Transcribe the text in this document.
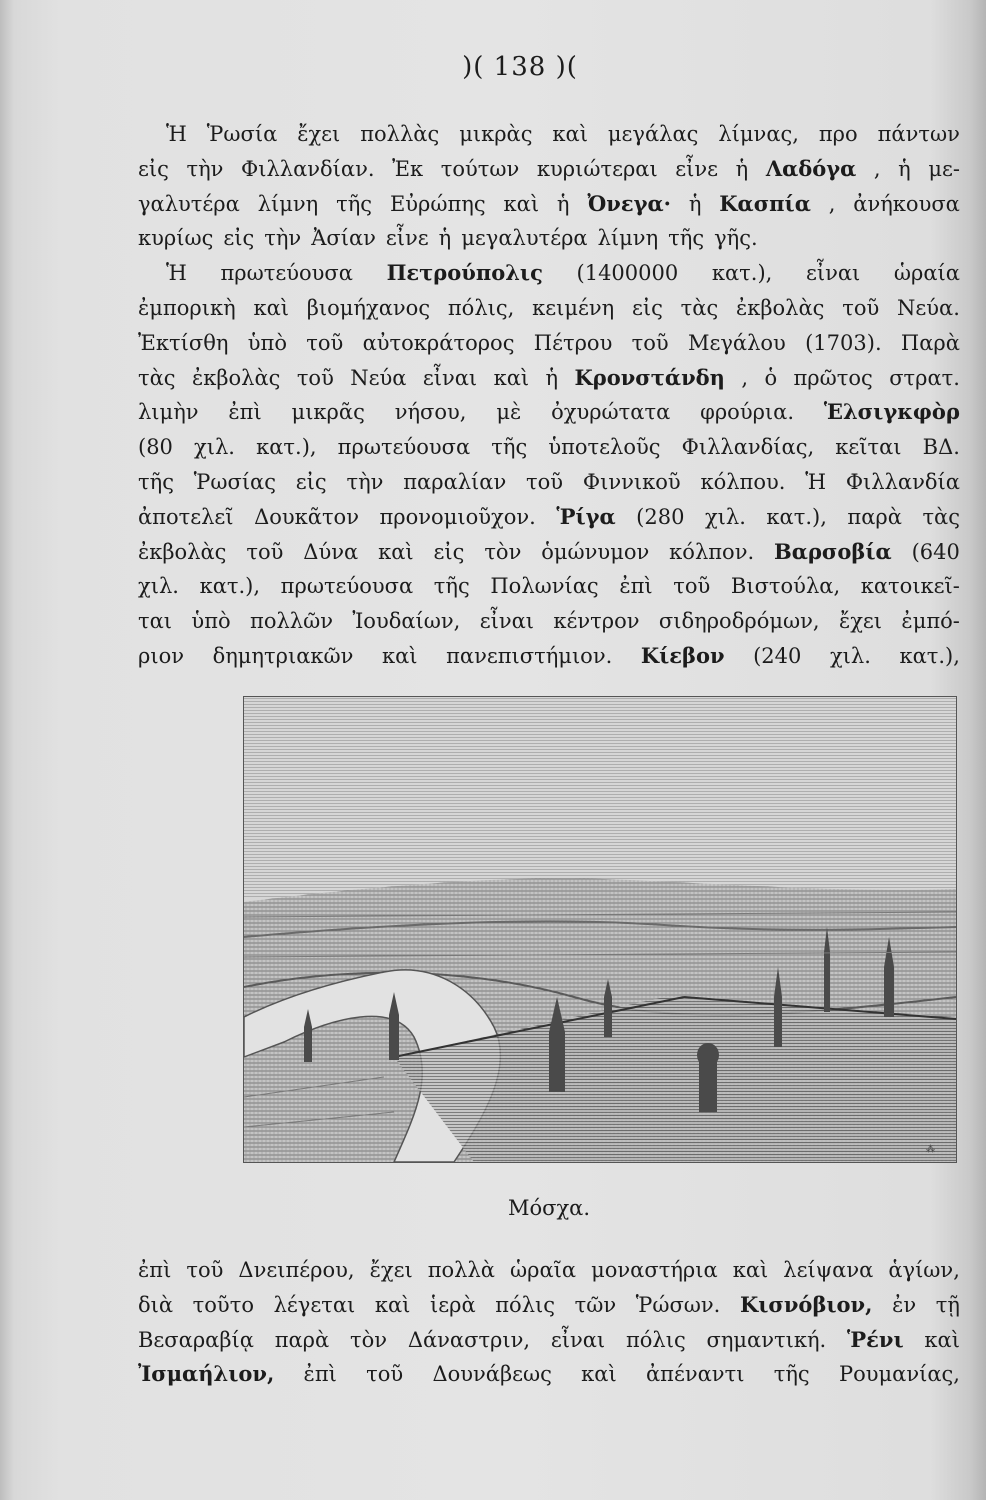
)( 138 )(
Ἡ Ῥωσία ἔχει πολλὰς μικρὰς καὶ μεγάλας λίμνας, προ πάντων
εἰς τὴν Φιλλανδίαν. Ἐκ τούτων κυριώτεραι εἶνε ἡ Λαδόγα , ἡ με-
γαλυτέρα λίμνη τῆς Εὐρώπης καὶ ἡ Ὀνεγα· ἡ Κασπία , ἀνήκουσα
κυρίως εἰς τὴν Ἀσίαν εἶνε ἡ μεγαλυτέρα λίμνη τῆς γῆς.
Ἡ πρωτεύουσα Πετρούπολις (1400000 κατ.), εἶναι ὡραία
ἐμπορικὴ καὶ βιομήχανος πόλις, κειμένη εἰς τὰς ἐκβολὰς τοῦ Νεύα.
Ἐκτίσθη ὑπὸ τοῦ αὐτοκράτορος Πέτρου τοῦ Μεγάλου (1703). Παρὰ
τὰς ἐκβολὰς τοῦ Νεύα εἶναι καὶ ἡ Κρονστάνδη , ὁ πρῶτος στρατ.
λιμὴν ἐπὶ μικρᾶς νήσου, μὲ ὀχυρώτατα φρούρια. Ἑλσιγκφὸρ
(80 χιλ. κατ.), πρωτεύουσα τῆς ὑποτελοῦς Φιλλανδίας, κεῖται ΒΔ.
τῆς Ῥωσίας εἰς τὴν παραλίαν τοῦ Φιννικοῦ κόλπου. Ἡ Φιλλανδία
ἀποτελεῖ Δουκᾶτον προνομιοῦχον. Ῥίγα (280 χιλ. κατ.), παρὰ τὰς
ἐκβολὰς τοῦ Δύνα καὶ εἰς τὸν ὁμώνυμον κόλπον. Βαρσοβία (640
χιλ. κατ.), πρωτεύουσα τῆς Πολωνίας ἐπὶ τοῦ Βιστούλα, κατοικεῖ-
ται ὑπὸ πολλῶν Ἰουδαίων, εἶναι κέντρον σιδηροδρόμων, ἔχει ἐμπό-
ριον δημητριακῶν καὶ πανεπιστήμιον. Κίεβον (240 χιλ. κατ.),
⁂
Μόσχα.
ἐπὶ τοῦ Δνειπέρου, ἔχει πολλὰ ὡραῖα μοναστήρια καὶ λείψανα ἁγίων,
διὰ τοῦτο λέγεται καὶ ἱερὰ πόλις τῶν Ῥώσων. Κισνόβιον, ἐν τῇ
Βεσαραβίᾳ παρὰ τὸν Δάναστριν, εἶναι πόλις σημαντική. Ῥένι καὶ
Ἰσμαήλιον, ἐπὶ τοῦ Δουνάβεως καὶ ἀπέναντι τῆς Ρουμανίας,
